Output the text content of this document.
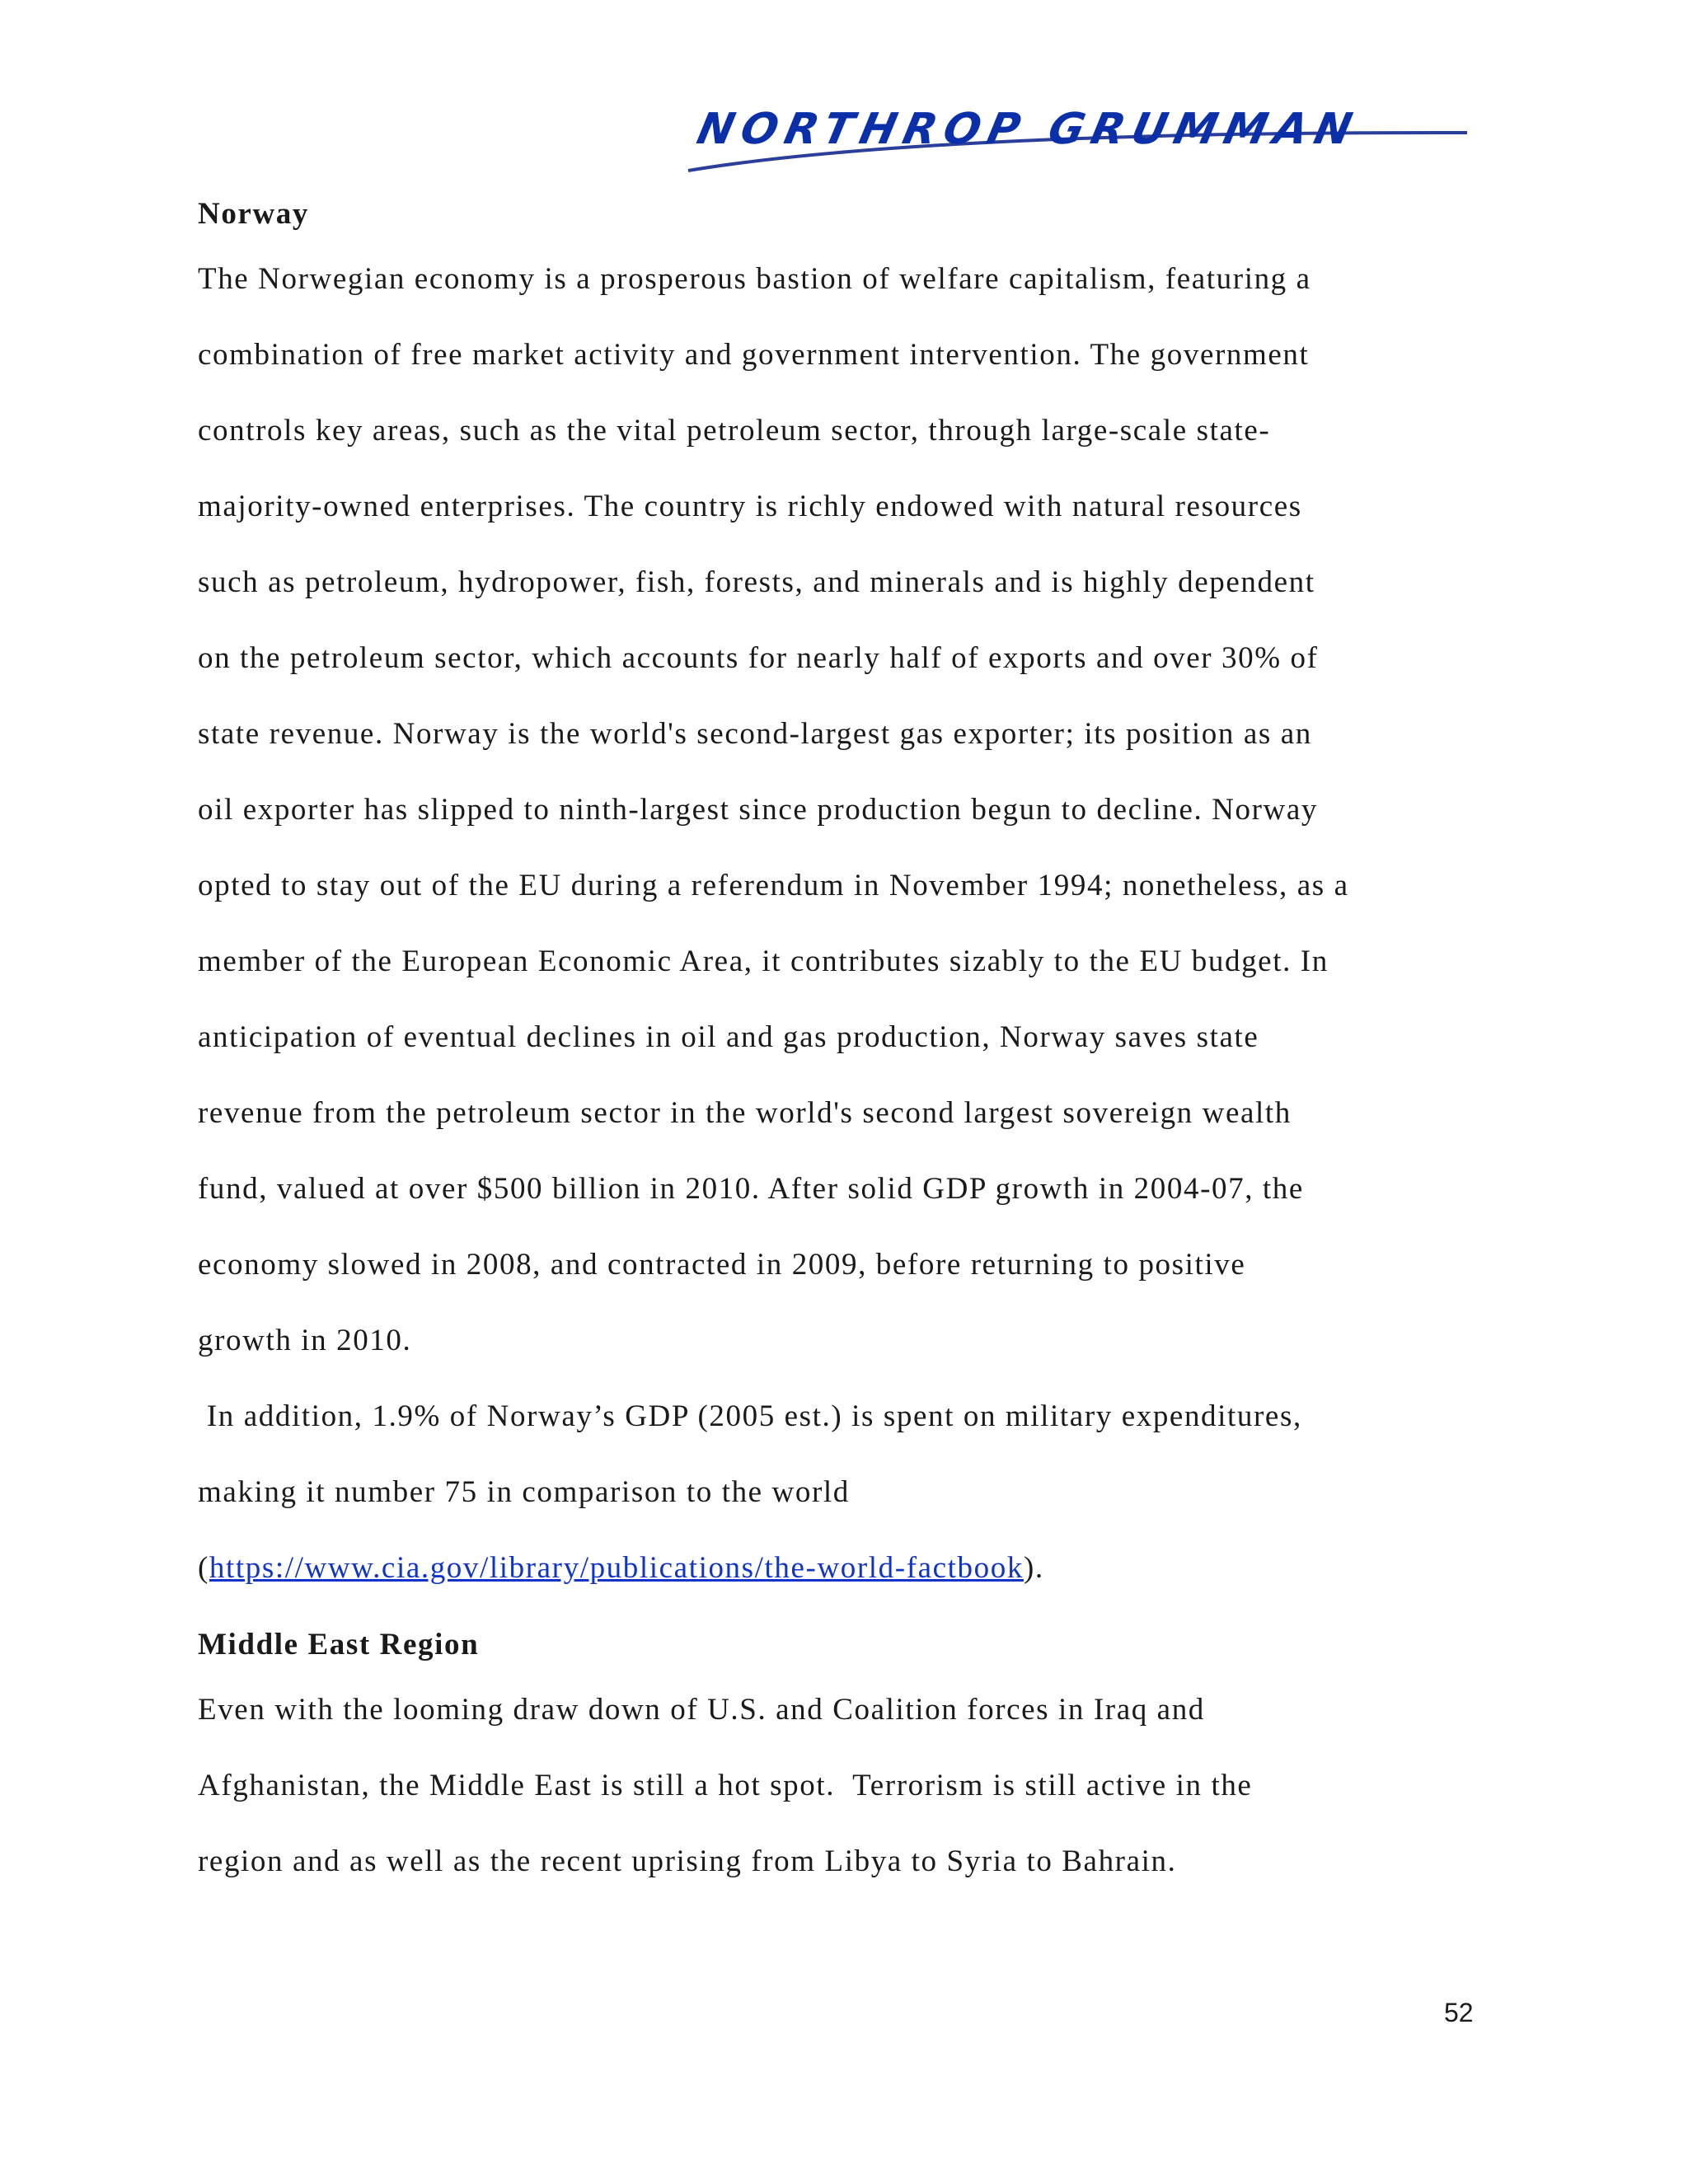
NORTHROP GRUMMAN
Norway

The Norwegian economy is a prosperous bastion of welfare capitalism, featuring a
combination of free market activity and government intervention. The government
controls key areas, such as the vital petroleum sector, through large-scale state-
majority-owned enterprises. The country is richly endowed with natural resources
such as petroleum, hydropower, fish, forests, and minerals and is highly dependent
on the petroleum sector, which accounts for nearly half of exports and over 30% of
state revenue. Norway is the world's second-largest gas exporter; its position as an
oil exporter has slipped to ninth-largest since production begun to decline. Norway
opted to stay out of the EU during a referendum in November 1994; nonetheless, as a
member of the European Economic Area, it contributes sizably to the EU budget. In
anticipation of eventual declines in oil and gas production, Norway saves state
revenue from the petroleum sector in the world's second largest sovereign wealth
fund, valued at over $500 billion in 2010. After solid GDP growth in 2004-07, the
economy slowed in 2008, and contracted in 2009, before returning to positive
growth in 2010.
In addition, 1.9% of Norway’s GDP (2005 est.) is spent on military expenditures,
making it number 75 in comparison to the world
(https://www.cia.gov/library/publications/the-world-factbook).

Middle East Region

Even with the looming draw down of U.S. and Coalition forces in Iraq and
Afghanistan, the Middle East is still a hot spot.  Terrorism is still active in the
region and as well as the recent uprising from Libya to Syria to Bahrain.

52
